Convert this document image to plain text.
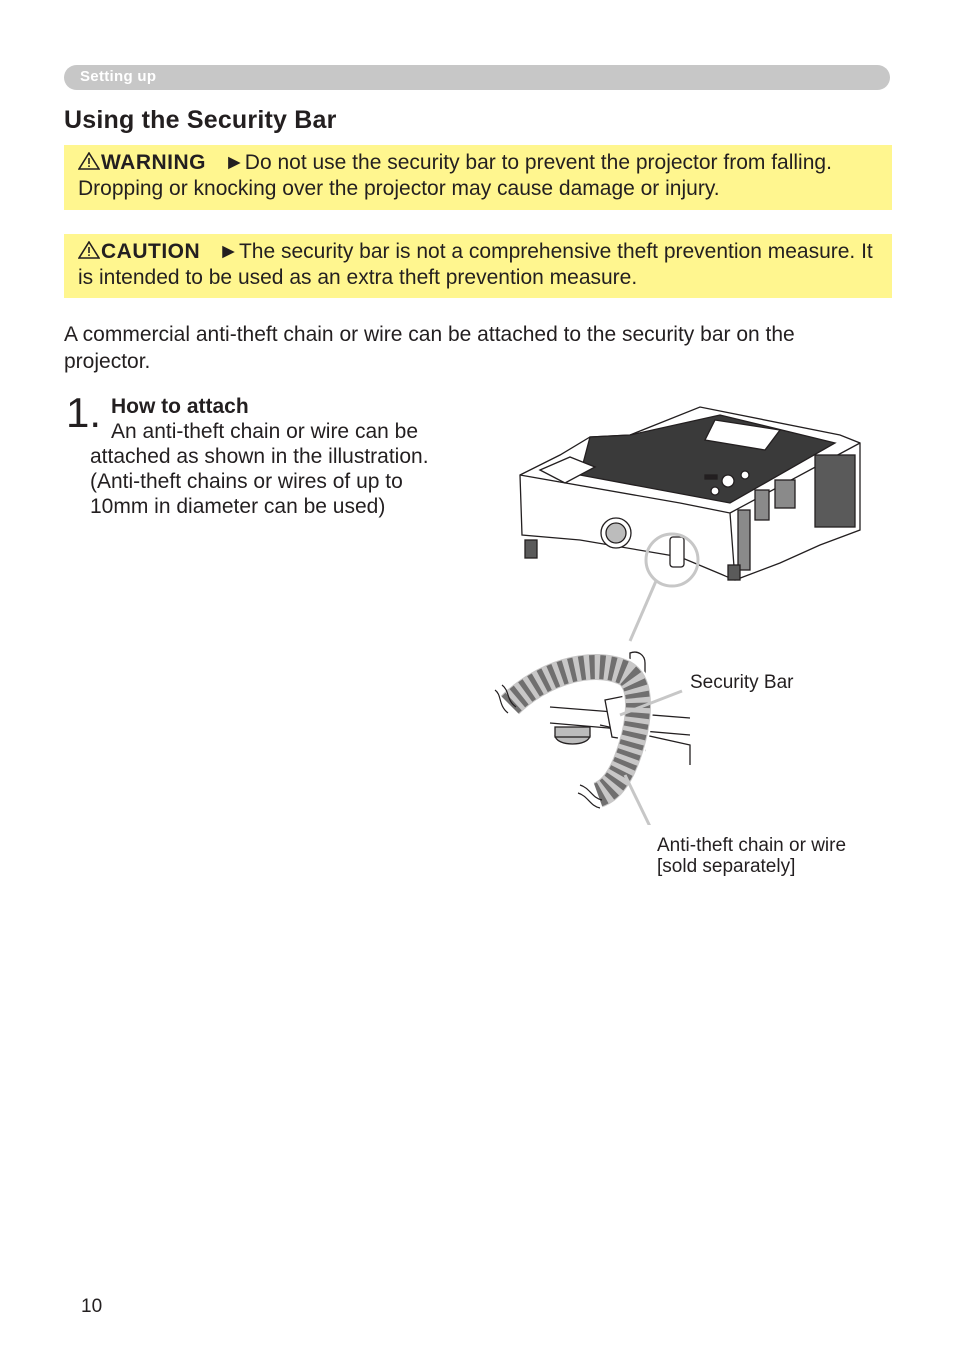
Setting up
Using the Security Bar
WARNING ►Do not use the security bar to prevent the projector from falling. Dropping or knocking over the projector may cause damage or injury.
CAUTION ►The security bar is not a comprehensive theft prevention measure. It is intended to be used as an extra theft prevention measure.

A commercial anti-theft chain or wire can be attached to the security bar on the projector.

1. How to attach

An anti-theft chain or wire can be
attached as shown in the illustration.
(Anti-theft chains or wires of up to
10mm in diameter can be used)

Security Bar
Anti-theft chain or wire
[sold separately]
10
